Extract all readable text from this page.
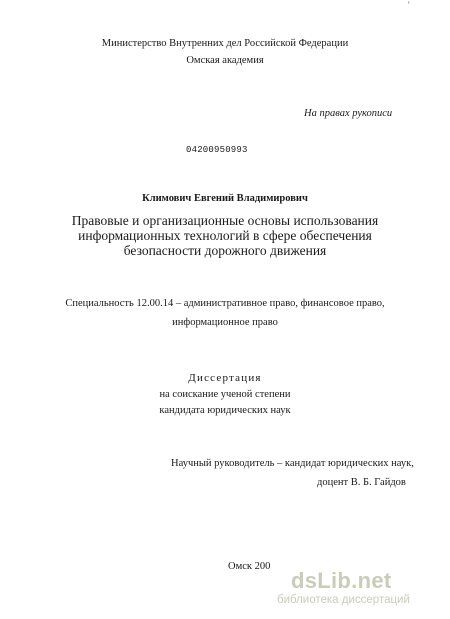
'
Министерство Внутренних дел Российской Федерации
Омская академия
На правах рукописи
04200950993
Климович Евгений Владимирович
Правовые и организационные основы использования
информационных технологий в сфере обеспечения
безопасности дорожного движения
Специальность 12.00.14 – административное право, финансовое право,
информационное право
Диссертация
на соискание ученой степени
кандидата юридических наук
Научный руководитель – кандидат юридических наук,
доцент В. Б. Гайдов
Омск 200
dsLib.net
библиотека диссертаций
